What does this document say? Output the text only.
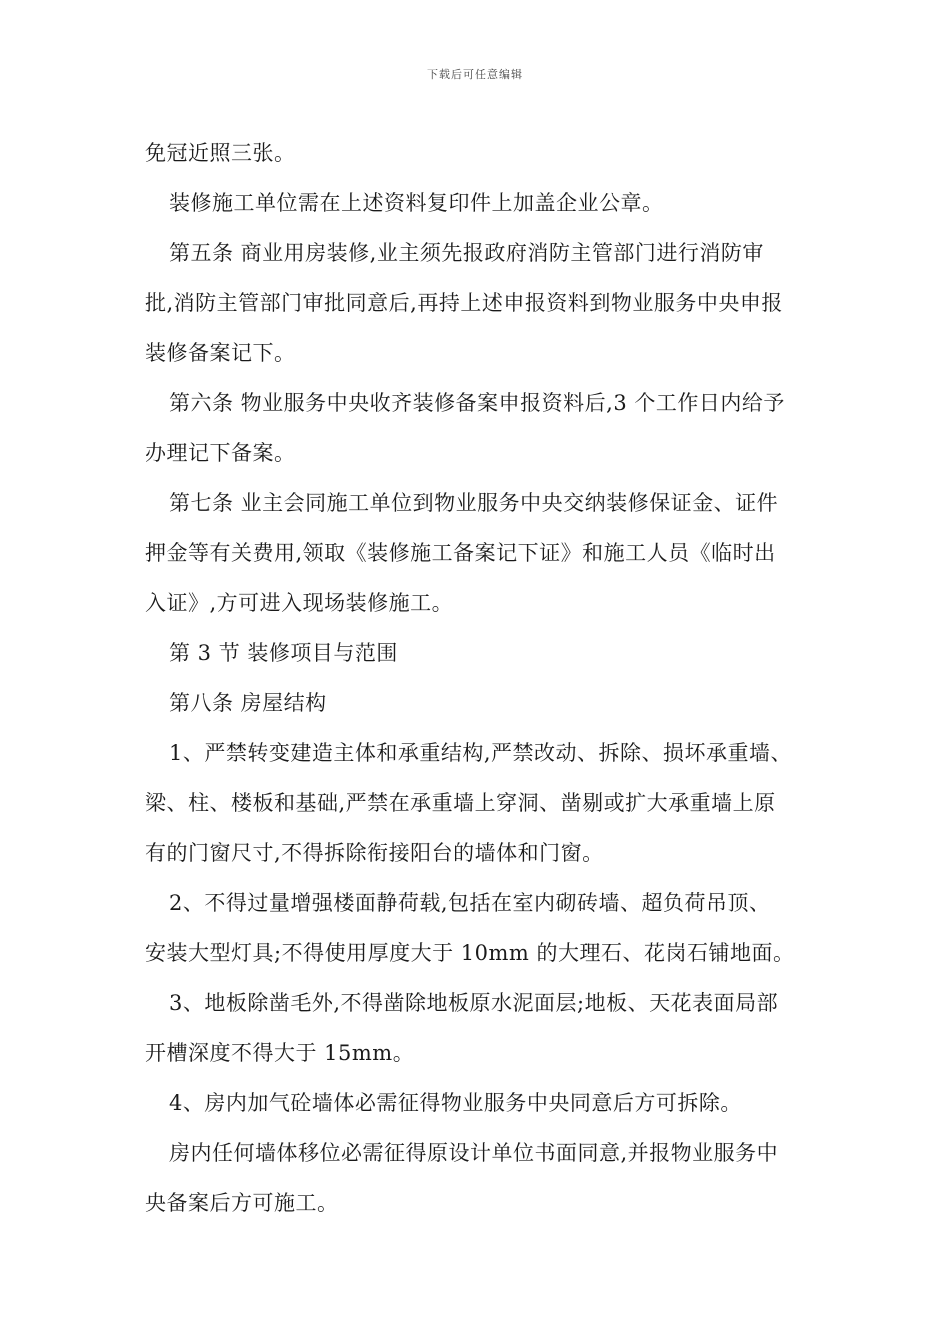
下载后可任意编辑
免冠近照三张。
装修施工单位需在上述资料复印件上加盖企业公章。
第五条 商业用房装修,业主须先报政府消防主管部门进行消防审
批,消防主管部门审批同意后,再持上述申报资料到物业服务中央申报
装修备案记下。
第六条 物业服务中央收齐装修备案申报资料后,3 个工作日内给予
办理记下备案。
第七条 业主会同施工单位到物业服务中央交纳装修保证金、证件
押金等有关费用,领取《装修施工备案记下证》和施工人员《临时出
入证》,方可进入现场装修施工。
第 3 节 装修项目与范围
第八条 房屋结构
1、严禁转变建造主体和承重结构,严禁改动、拆除、损坏承重墙、
梁、柱、楼板和基础,严禁在承重墙上穿洞、凿剔或扩大承重墙上原
有的门窗尺寸,不得拆除衔接阳台的墙体和门窗。
2、不得过量增强楼面静荷载,包括在室内砌砖墙、超负荷吊顶、
安装大型灯具;不得使用厚度大于 10mm 的大理石、花岗石铺地面。
3、地板除凿毛外,不得凿除地板原水泥面层;地板、天花表面局部
开槽深度不得大于 15mm。
4、房内加气砼墙体必需征得物业服务中央同意后方可拆除。
房内任何墙体移位必需征得原设计单位书面同意,并报物业服务中
央备案后方可施工。
